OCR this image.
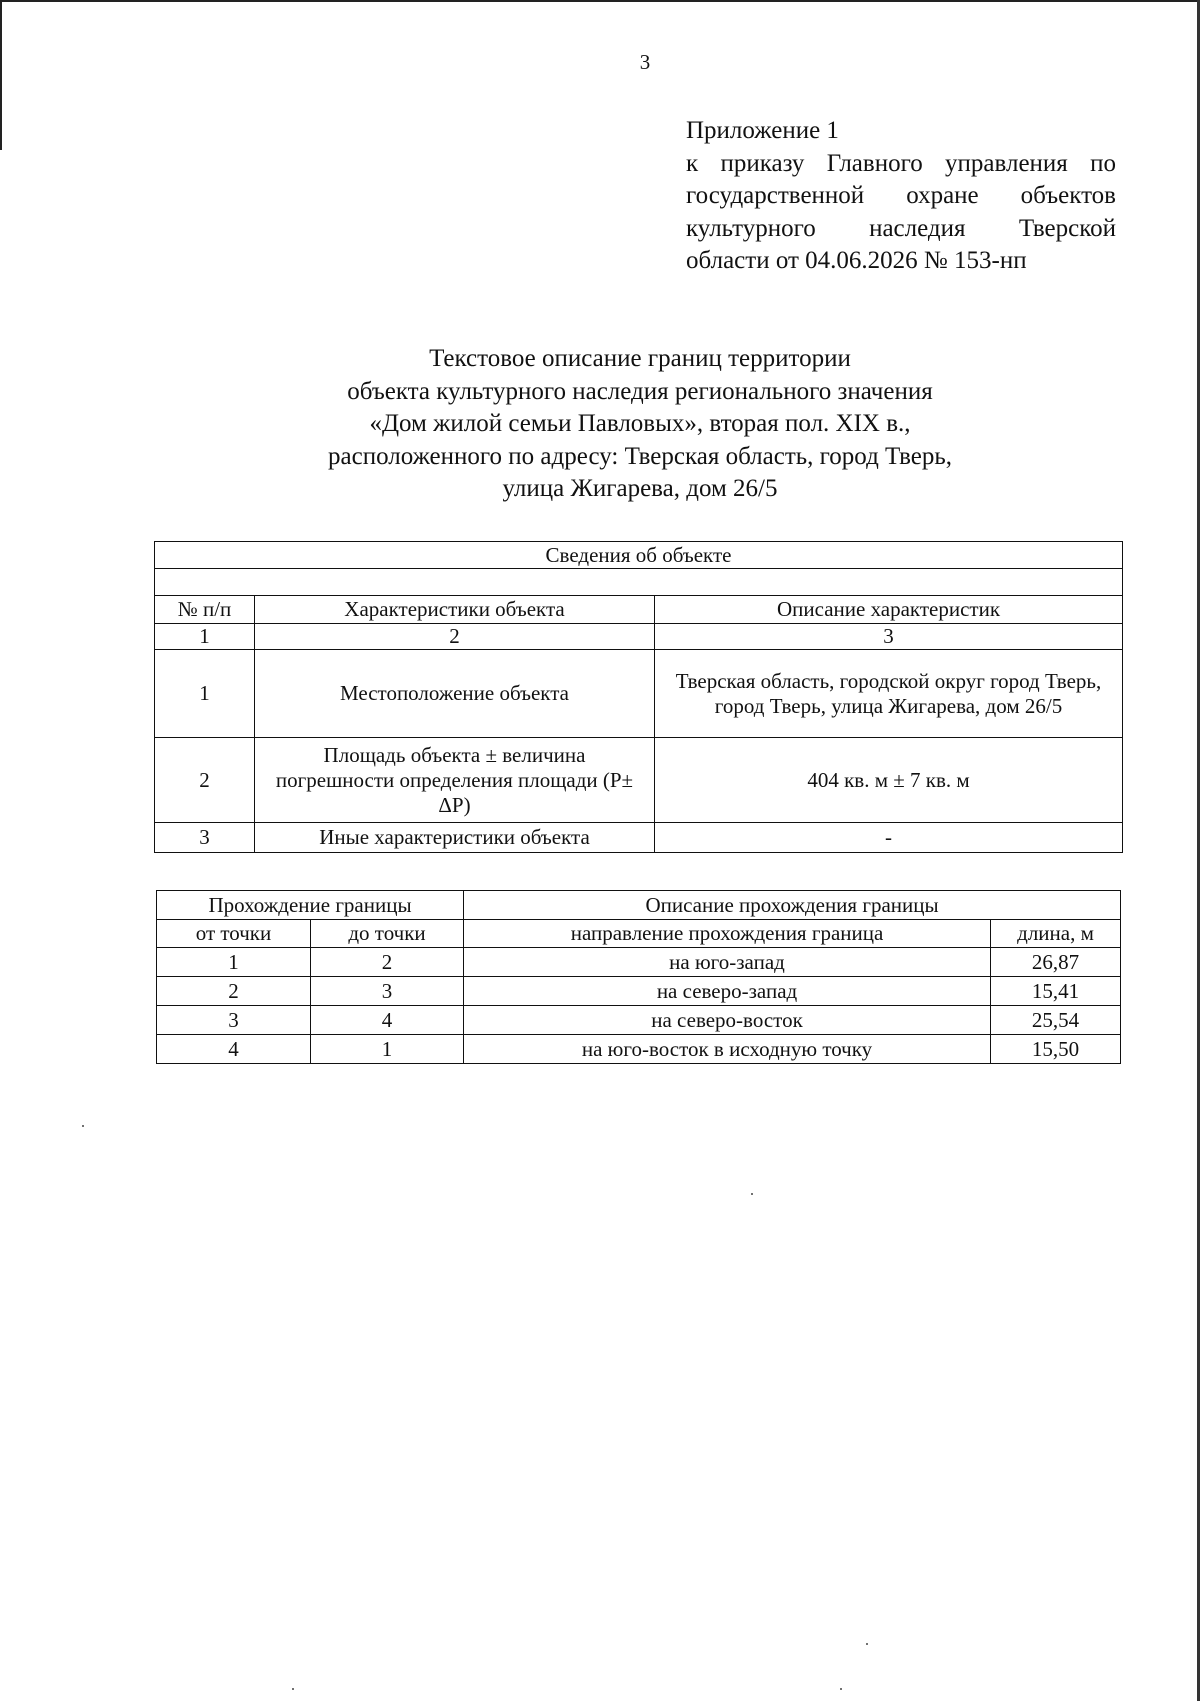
3
Приложение 1
к приказу Главного управления по
государственной охране объектов
культурного наследия Тверской
области от 04.06.2026 № 153-нп
Текстовое описание границ территории
объекта культурного наследия регионального значения
«Дом жилой семьи Павловых», вторая пол. XIX в.,
расположенного по адресу: Тверская область, город Тверь,
улица Жигарева, дом 26/5
Сведения об объекте		

№ п/п	Характеристики объекта	Описание характеристик
1	2	3
1	Местоположение объекта	Тверская область, городской округ город Тверь, город Тверь, улица Жигарева, дом 26/5
2	Площадь объекта ± величина погрешности определения площади (Р± ΔР)	404 кв. м ± 7 кв. м
3	Иные характеристики объекта	-
Прохождение границы		Описание прохождения границы	
от точки	до точки	направление прохождения граница	длина, м
1	2	на юго-запад	26,87
2	3	на северо-запад	15,41
3	4	на северо-восток	25,54
4	1	на юго-восток в исходную точку	15,50
